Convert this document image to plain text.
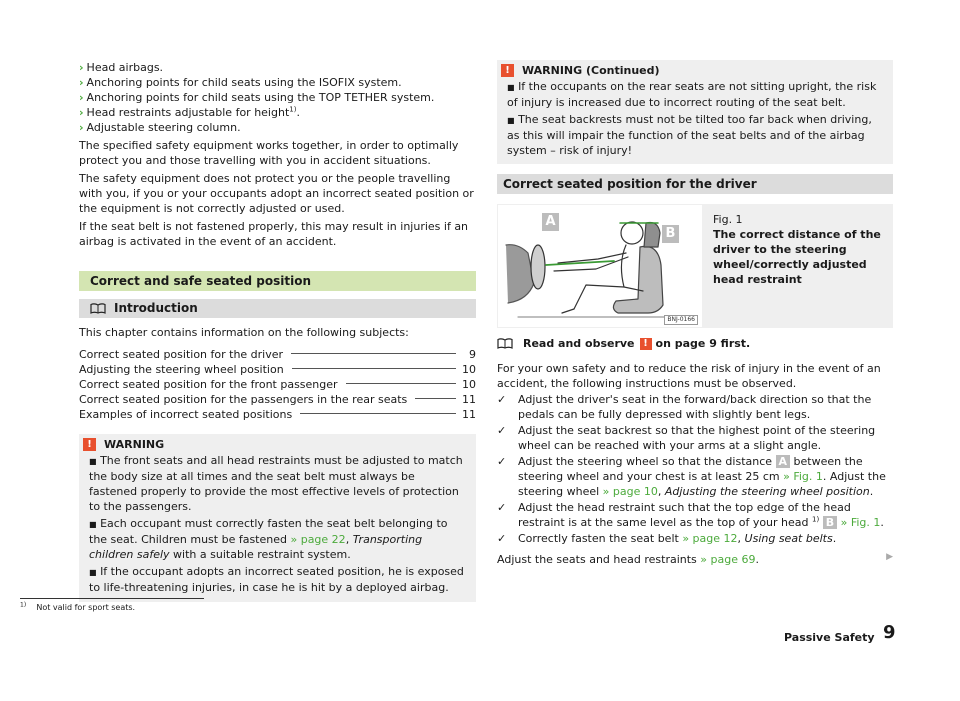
› Head airbags.
› Anchoring points for child seats using the ISOFIX system.
› Anchoring points for child seats using the TOP TETHER system.
› Head restraints adjustable for height$^{1)}$.
› Adjustable steering column.

The specified safety equipment works together, in order to optimally protect you and those travelling with you in accident situations.

The safety equipment does not protect you or the people travelling with you, if you or your occupants adopt an incorrect seated position or the equipment is not correctly adjusted or used.

If the seat belt is not fastened properly, this may result in injuries if an airbag is activated in the event of an accident.

Correct and safe seated position
Introduction

This chapter contains information on the following subjects:

Correct seated position for the driver	9
Adjusting the steering wheel position	10
Correct seated position for the front passenger	10
Correct seated position for the passengers in the rear seats	11
Examples of incorrect seated positions	11
!	WARNING

■ The front seats and all head restraints must be adjusted to match the body size at all times and the seat belt must always be fastened properly to provide the most effective levels of protection to the passengers.

■ Each occupant must correctly fasten the seat belt belonging to the seat. Children must be fastened » page 22, Transporting children safely with a suitable restraint system.

■ If the occupant adopts an incorrect seated position, he is exposed to life-threatening injuries, in case he is hit by a deployed airbag.

!	WARNING (Continued)

■ If the occupants on the rear seats are not sitting upright, the risk of injury is increased due to incorrect routing of the seat belt.

■ The seat backrests must not be tilted too far back when driving, as this will impair the function of the seat belts and of the airbag system – risk of injury!

Correct seated position for the driver
A
B
BNJ-0166
Fig. 1
The correct distance of the driver to the steering wheel/correctly adjusted head restraint
Read and observe ! on page 9 first.

For your own safety and to reduce the risk of injury in the event of an accident, the following instructions must be observed.

✓	Adjust the driver's seat in the forward/back direction so that the pedals can be fully depressed with slightly bent legs.
✓	Adjust the seat backrest so that the highest point of the steering wheel can be reached with your arms at a slight angle.
✓	Adjust the steering wheel so that the distance A between the steering wheel and your chest is at least 25 cm » Fig. 1. Adjust the steering wheel » page 10, Adjusting the steering wheel position.
✓	Adjust the head restraint such that the top edge of the head restraint is at the same level as the top of your head $^{1)}$ B » Fig. 1.
✓	Correctly fasten the seat belt » page 12, Using seat belts.

Adjust the seats and head restraints » page 69.	▶

$^{1)}$ Not valid for sport seats.
Passive Safety 9
